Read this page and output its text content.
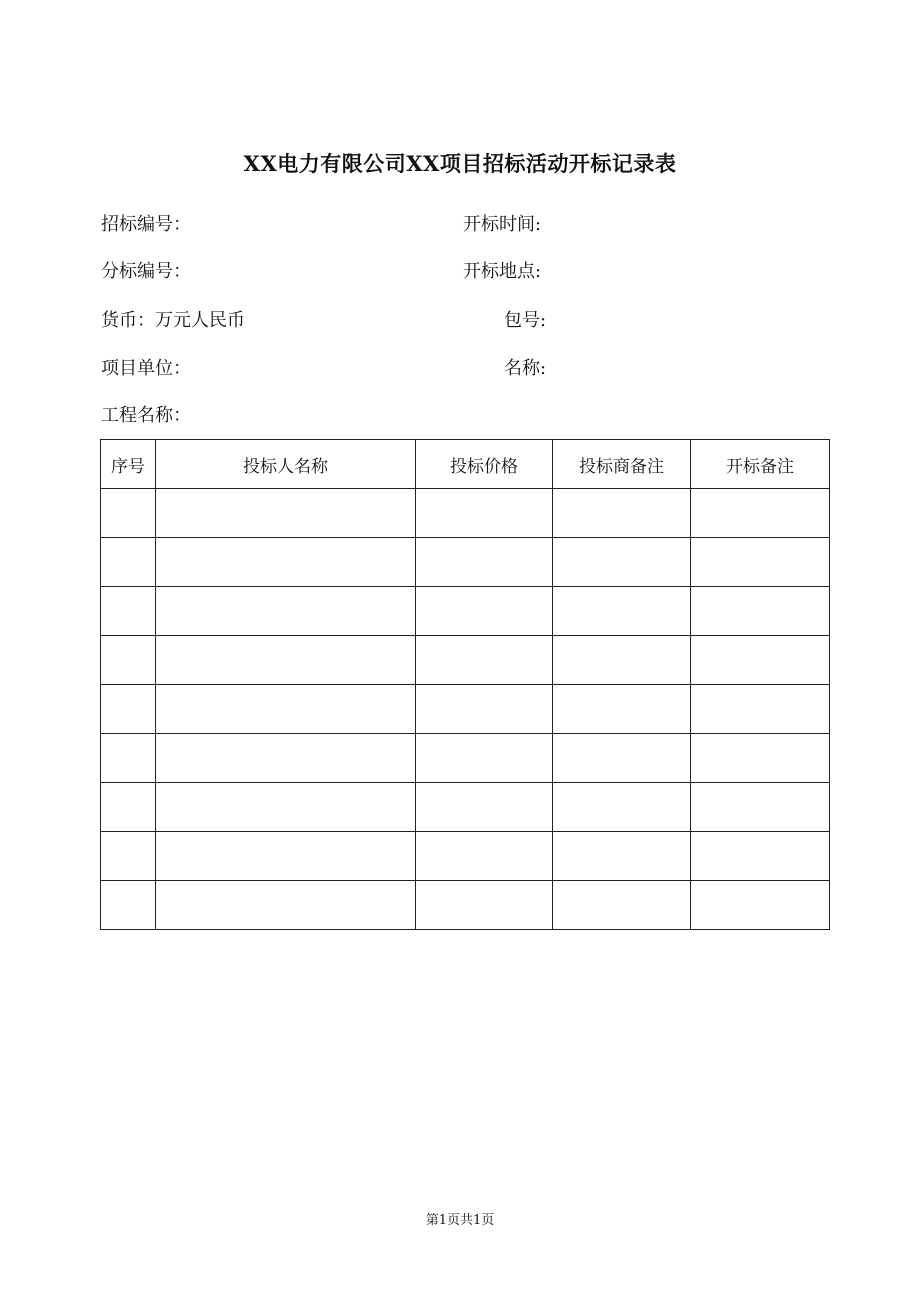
XX电力有限公司XX项目招标活动开标记录表
招标编号：	开标时间:
分标编号：	开标地点:
货币：万元人民币	包号:
项目单位：	名称:
工程名称：
序号	投标人名称	投标价格	投标商备注	开标备注

第1页共1页
